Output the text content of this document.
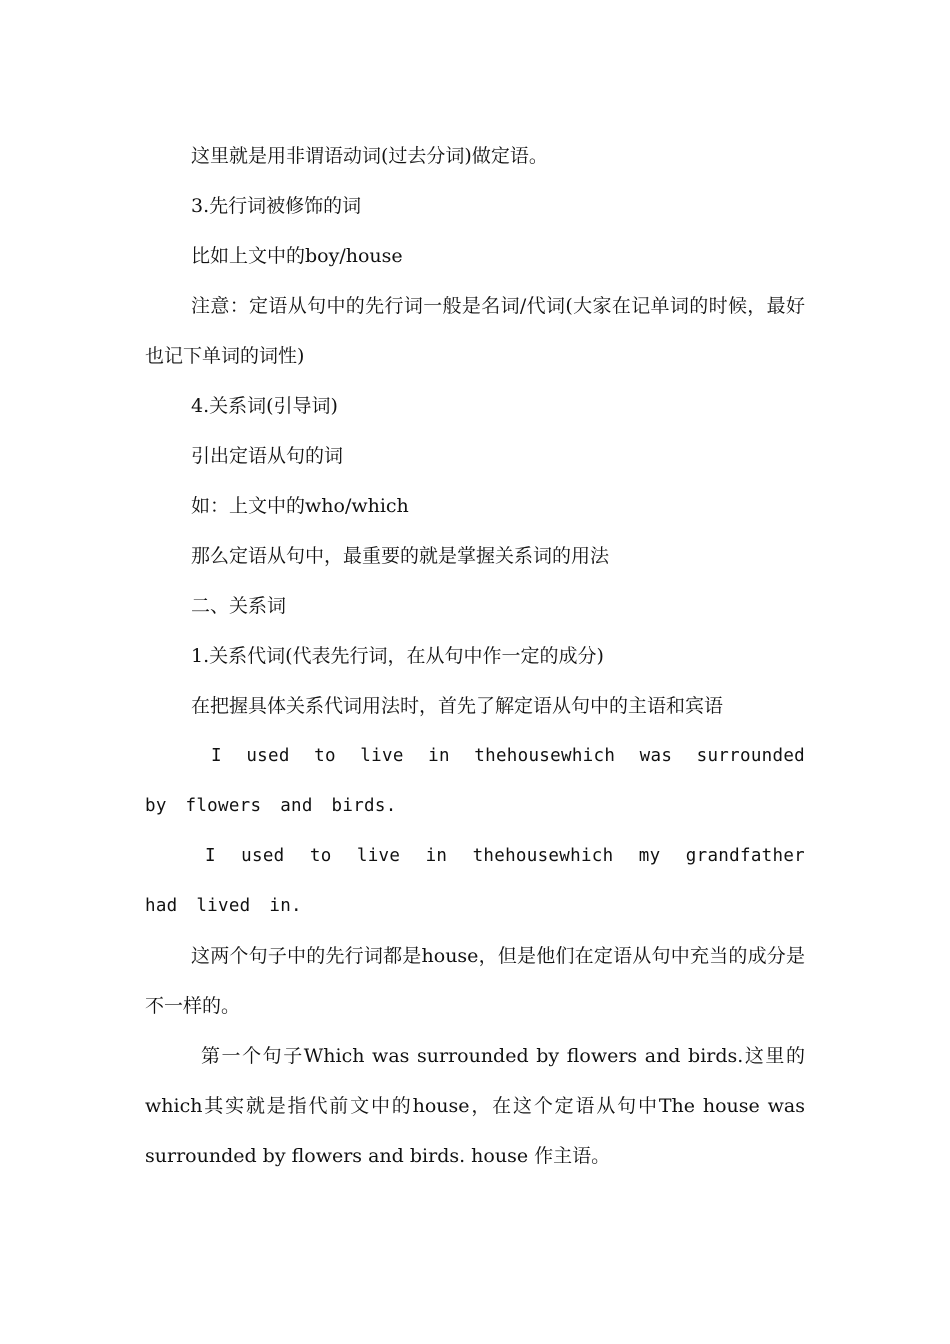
这里就是用非谓语动词(过去分词)做定语。

3.先行词被修饰的词

比如上文中的boy/house

注意：定语从句中的先行词一般是名词/代词(大家在记单词的时候，最好也记下单词的词性)

4.关系词(引导词)

引出定语从句的词

如：上文中的who/which

那么定语从句中，最重要的就是掌握关系词的用法

二、关系词

1.关系代词(代表先行词，在从句中作一定的成分)

在把握具体关系代词用法时，首先了解定语从句中的主语和宾语

I used to live in thehousewhich was surrounded by flowers and birds.

I used to live in thehousewhich my grandfather had lived in.

这两个句子中的先行词都是house，但是他们在定语从句中充当的成分是不一样的。

第一个句子Which was surrounded by flowers and birds.这里的which其实就是指代前文中的house，在这个定语从句中The house was surrounded by flowers and birds. house 作主语。
